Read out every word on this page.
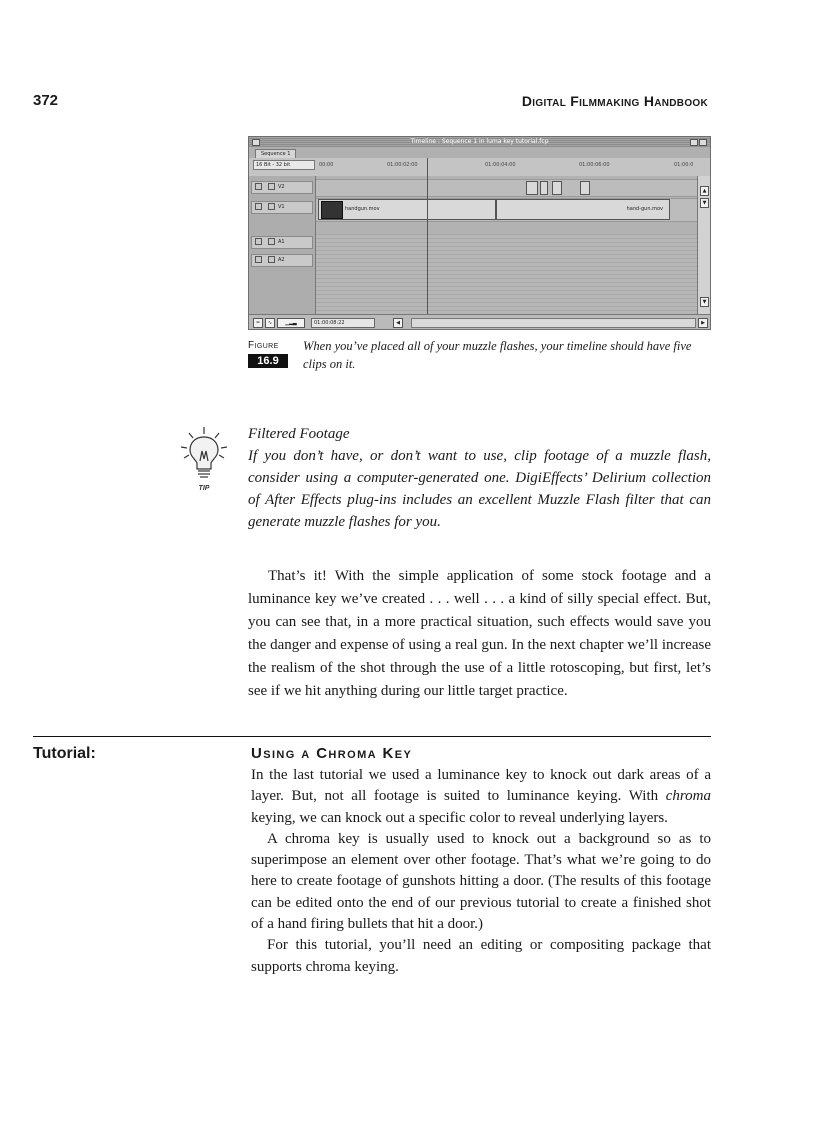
372	Digital Filmmaking Handbook
Timeline : Sequence 1 in luma key tutorial.fcp
Sequence 1
16 Bit - 32 bit	00:00	01:00:02:00	01:00:04:00	01:00:06:00	01:00:0
V2
V1
A1
A2
handgun.mov	hand-gun.mov
▲
▼
▼
═	∿	▁▂▃	01:00:08:22	◀	▶
Figure
16.9
When you’ve placed all of your muzzle flashes, your timeline should have five clips on it.
TIP
Filtered Footage
If you don’t have, or don’t want to use, clip footage of a muzzle flash, consider using a computer-generated one. DigiEffects’ Delirium collection of After Effects plug-ins includes an excellent Muzzle Flash filter that can generate muzzle flashes for you.

That’s it! With the simple application of some stock footage and a luminance key we’ve created . . . well . . . a kind of silly special effect. But, you can see that, in a more practical situation, such effects would save you the danger and expense of using a real gun. In the next chapter we’ll increase the realism of the shot through the use of a little rotoscoping, but first, let’s see if we hit anything during our little target practice.

Tutorial:	Using a Chroma Key

In the last tutorial we used a luminance key to knock out dark areas of a layer. But, not all footage is suited to luminance keying. With chroma keying, we can knock out a specific color to reveal underlying layers.

A chroma key is usually used to knock out a background so as to superimpose an element over other footage. That’s what we’re going to do here to create footage of gunshots hitting a door. (The results of this footage can be edited onto the end of our previous tutorial to create a finished shot of a hand firing bullets that hit a door.)

For this tutorial, you’ll need an editing or compositing package that supports chroma keying.
